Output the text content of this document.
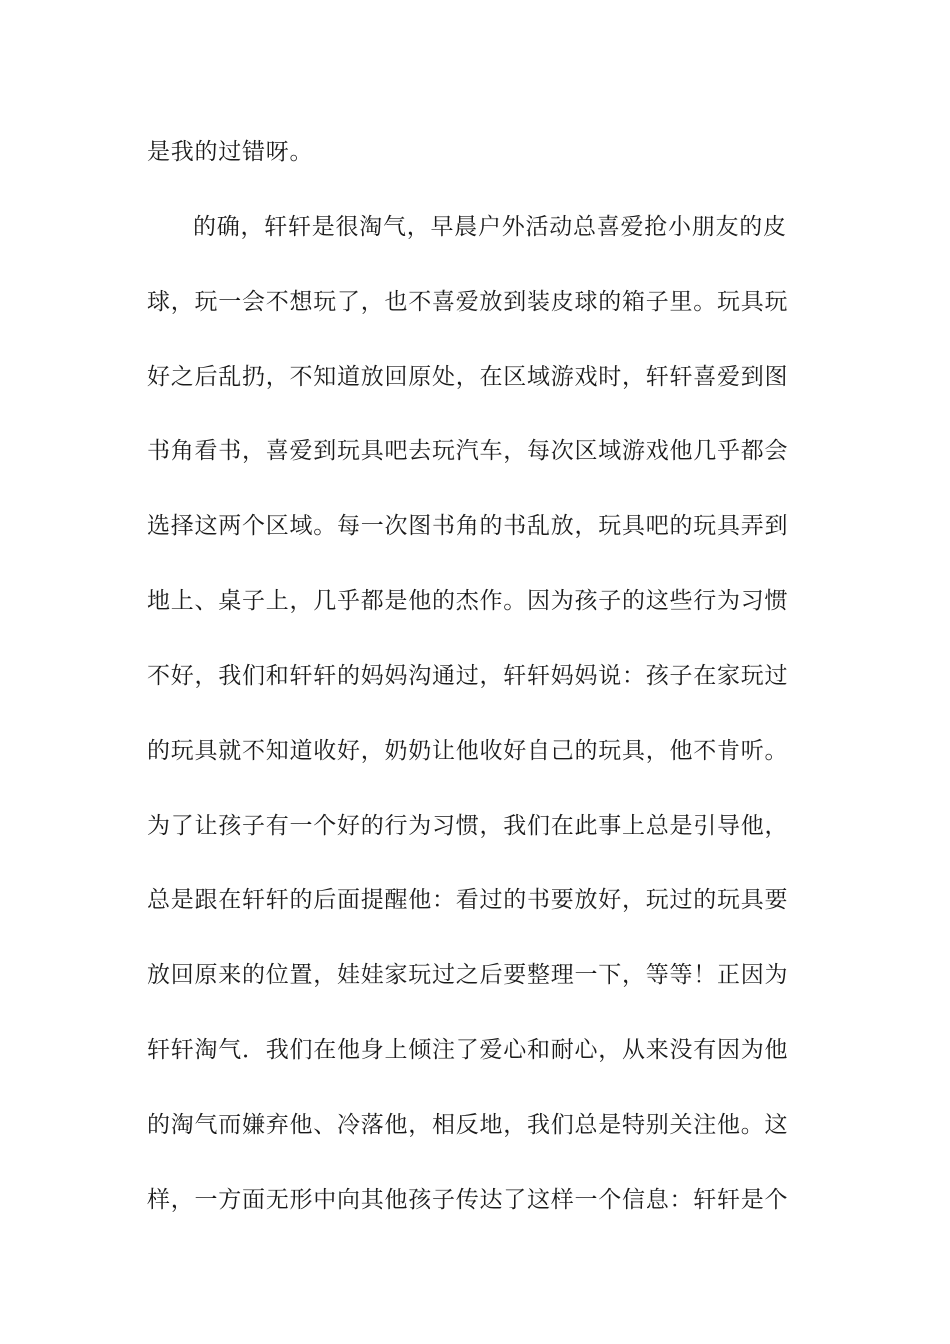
是我的过错呀。
的确，轩轩是很淘气，早晨户外活动总喜爱抢小朋友的皮
球，玩一会不想玩了，也不喜爱放到装皮球的箱子里。玩具玩
好之后乱扔，不知道放回原处，在区域游戏时，轩轩喜爱到图
书角看书，喜爱到玩具吧去玩汽车，每次区域游戏他几乎都会
选择这两个区域。每一次图书角的书乱放，玩具吧的玩具弄到
地上、桌子上，几乎都是他的杰作。因为孩子的这些行为习惯
不好，我们和轩轩的妈妈沟通过，轩轩妈妈说：孩子在家玩过
的玩具就不知道收好，奶奶让他收好自己的玩具，他不肯听。
为了让孩子有一个好的行为习惯，我们在此事上总是引导他，
总是跟在轩轩的后面提醒他：看过的书要放好，玩过的玩具要
放回原来的位置，娃娃家玩过之后要整理一下，等等！正因为
轩轩淘气．我们在他身上倾注了爱心和耐心，从来没有因为他
的淘气而嫌弃他、冷落他，相反地，我们总是特别关注他。这
样，一方面无形中向其他孩子传达了这样一个信息：轩轩是个
